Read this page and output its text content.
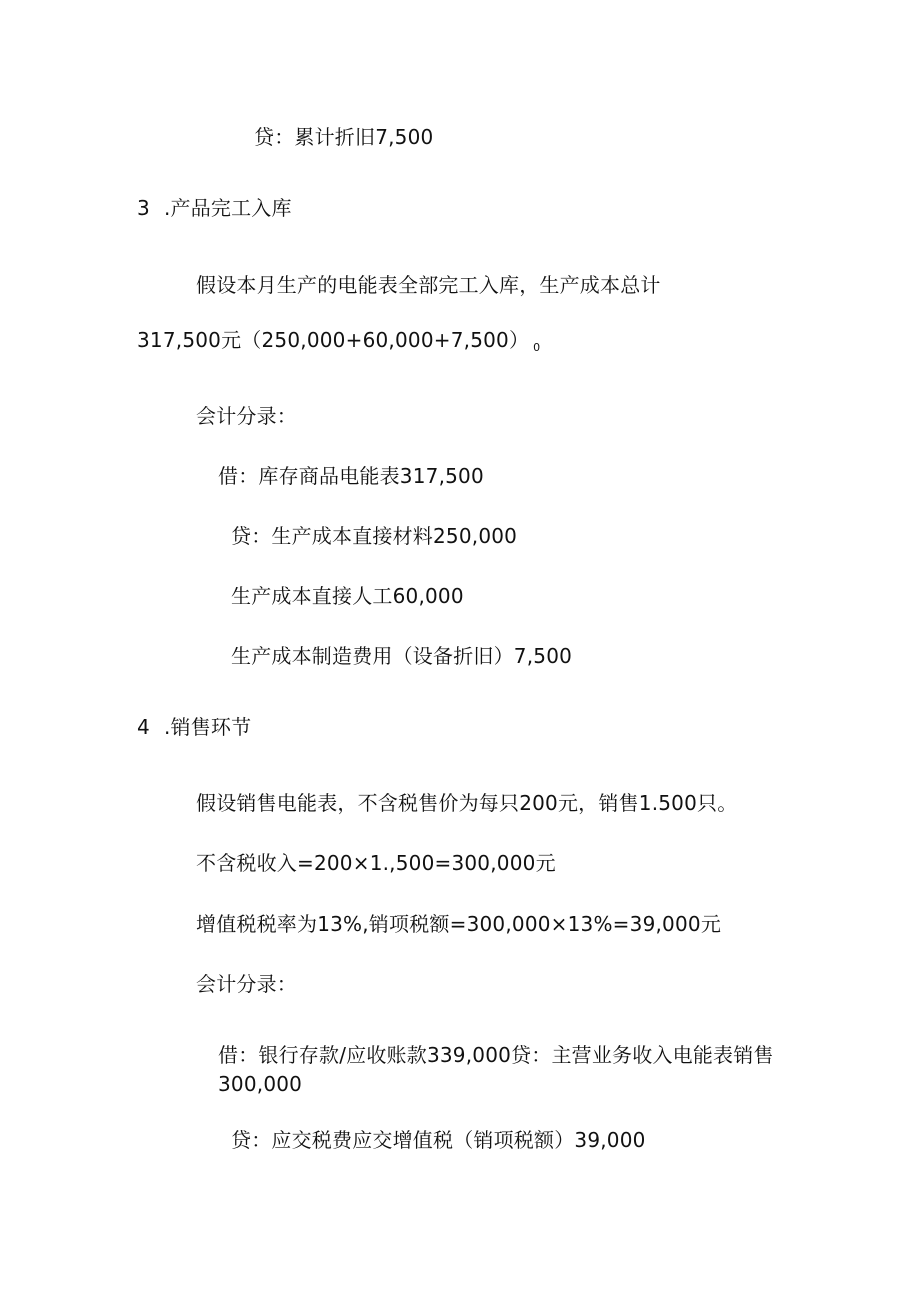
贷：累计折旧7,500
3 .产品完工入库
假设本月生产的电能表全部完工入库，生产成本总计
317,500元（250,000+60,000+7,500） $_0$
会计分录：
借：库存商品电能表317,500
贷：生产成本直接材料250,000
生产成本直接人工60,000
生产成本制造费用（设备折旧）7,500
4 .销售环节
假设销售电能表，不含税售价为每只200元，销售1.500只。
不含税收入=200×1.,500=300,000元
增值税税率为13%,销项税额=300,000×13%=39,000元
会计分录：
借：银行存款/应收账款339,000贷：主营业务收入电能表销售
300,000
贷：应交税费应交增值税（销项税额）39,000
